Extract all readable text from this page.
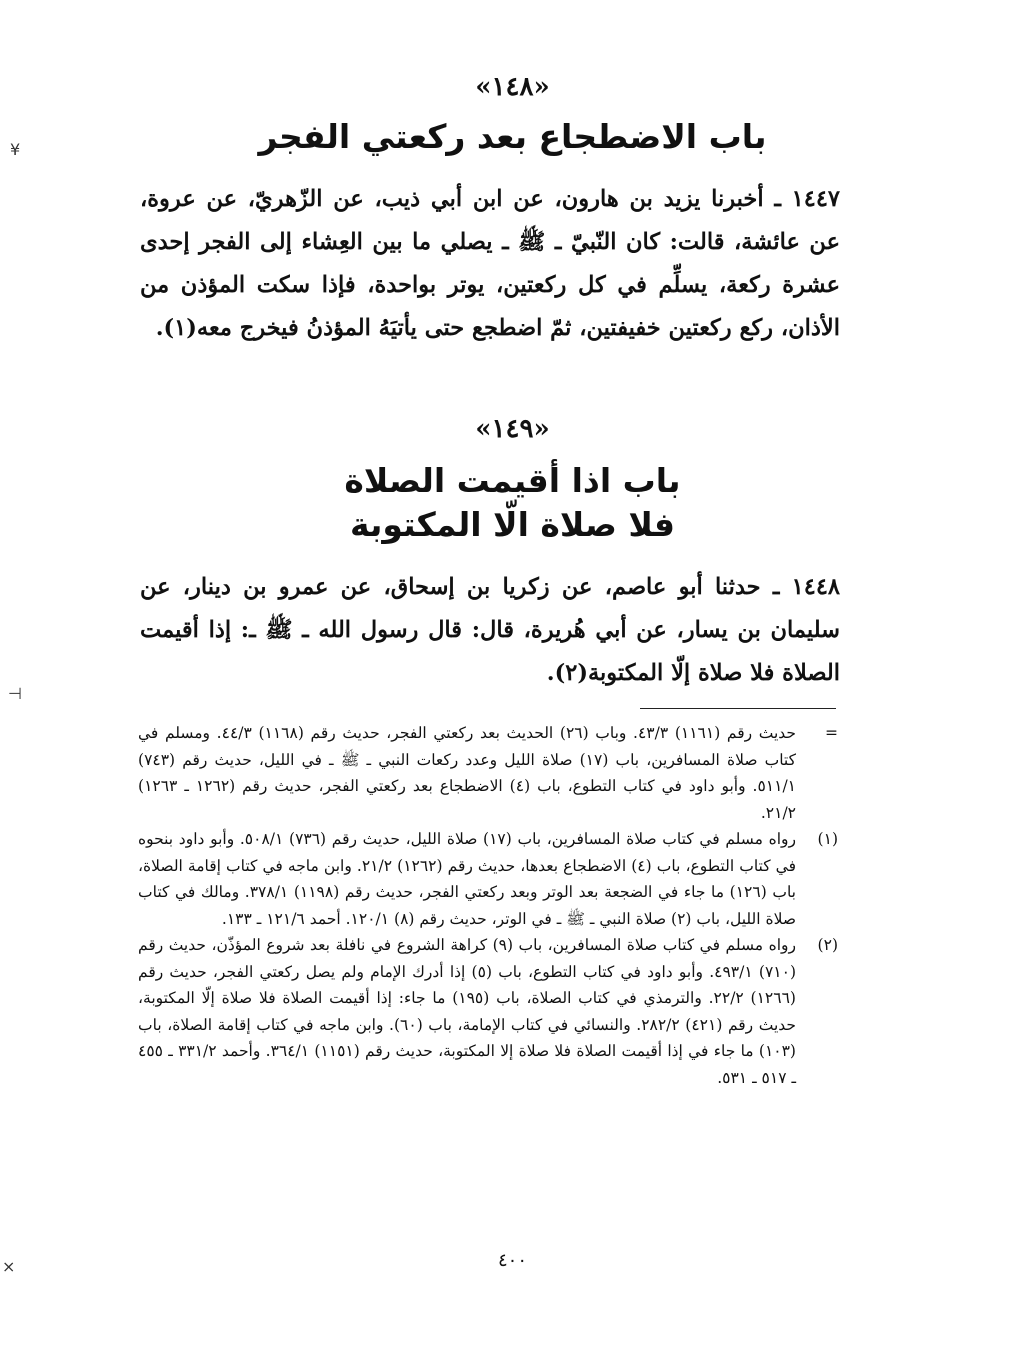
¥
⊢
⨯
«١٤٨»
باب الاضطجاع بعد ركعتي الفجر
١٤٤٧ ـ أخبرنا يزيد بن هارون، عن ابن أبي ذيب، عن الزّهريّ، عن عروة، عن عائشة، قالت: كان النّبيّ ـ ﷺ ـ يصلي ما بين العِشاء إلى الفجر إحدى عشرة ركعة، يسلِّم في كل ركعتين، يوتر بواحدة، فإذا سكت المؤذن من الأذان، ركع ركعتين خفيفتين، ثمّ اضطجع حتى يأتيَهُ المؤذنُ فيخرج معه(١).
«١٤٩»
باب اذا أقيمت الصلاة
فلا صلاة الّا المكتوبة
١٤٤٨ ـ حدثنا أبو عاصم، عن زكريا بن إسحاق، عن عمرو بن دينار، عن سليمان بن يسار، عن أبي هُريرة، قال: قال رسول الله ـ ﷺ ـ: إذا أقيمت الصلاة فلا صلاة إلّا المكتوبة(٢).
=
حديث رقم (١١٦١) ٤٣/٣. وباب (٢٦) الحديث بعد ركعتي الفجر، حديث رقم (١١٦٨) ٤٤/٣. ومسلم في كتاب صلاة المسافرين، باب (١٧) صلاة الليل وعدد ركعات النبي ـ ﷺ ـ في الليل، حديث رقم (٧٤٣) ٥١١/١. وأبو داود في كتاب التطوع، باب (٤) الاضطجاع بعد ركعتي الفجر، حديث رقم (١٢٦٢ ـ ١٢٦٣) ٢١/٢.
(١)
رواه مسلم في كتاب صلاة المسافرين، باب (١٧) صلاة الليل، حديث رقم (٧٣٦) ٥٠٨/١. وأبو داود بنحوه في كتاب التطوع، باب (٤) الاضطجاع بعدها، حديث رقم (١٢٦٢) ٢١/٢. وابن ماجه في كتاب إقامة الصلاة، باب (١٢٦) ما جاء في الضجعة بعد الوتر وبعد ركعتي الفجر، حديث رقم (١١٩٨) ٣٧٨/١. ومالك في كتاب صلاة الليل، باب (٢) صلاة النبي ـ ﷺ ـ في الوتر، حديث رقم (٨) ١٢٠/١. أحمد ١٢١/٦ ـ ١٣٣.
(٢)
رواه مسلم في كتاب صلاة المسافرين، باب (٩) كراهة الشروع في نافلة بعد شروع المؤذّن، حديث رقم (٧١٠) ٤٩٣/١. وأبو داود في كتاب التطوع، باب (٥) إذا أدرك الإمام ولم يصل ركعتي الفجر، حديث رقم (١٢٦٦) ٢٢/٢. والترمذي في كتاب الصلاة، باب (١٩٥) ما جاء: إذا أقيمت الصلاة فلا صلاة إلّا المكتوبة، حديث رقم (٤٢١) ٢٨٢/٢. والنسائي في كتاب الإمامة، باب (٦٠). وابن ماجه في كتاب إقامة الصلاة، باب (١٠٣) ما جاء في إذا أقيمت الصلاة فلا صلاة إلا المكتوبة، حديث رقم (١١٥١) ٣٦٤/١. وأحمد ٣٣١/٢ ـ ٤٥٥ ـ ٥١٧ ـ ٥٣١.
٤٠٠
